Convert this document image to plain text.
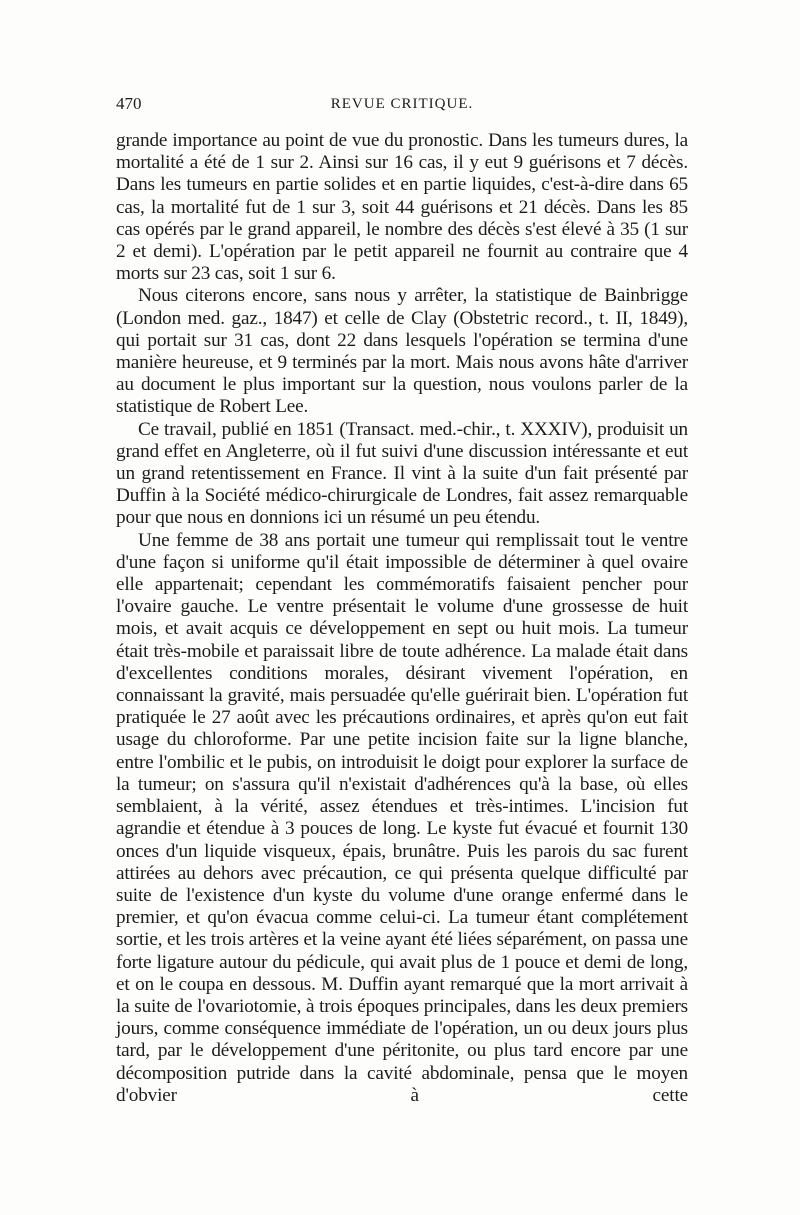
470	REVUE CRITIQUE.

grande importance au point de vue du pronostic. Dans les tumeurs dures, la mortalité a été de 1 sur 2. Ainsi sur 16 cas, il y eut 9 guérisons et 7 décès. Dans les tumeurs en partie solides et en partie liquides, c'est-à-dire dans 65 cas, la mortalité fut de 1 sur 3, soit 44 guérisons et 21 décès. Dans les 85 cas opérés par le grand appareil, le nombre des décès s'est élevé à 35 (1 sur 2 et demi). L'opération par le petit appareil ne fournit au contraire que 4 morts sur 23 cas, soit 1 sur 6.

Nous citerons encore, sans nous y arrêter, la statistique de Bainbrigge (London med. gaz., 1847) et celle de Clay (Obstetric record., t. II, 1849), qui portait sur 31 cas, dont 22 dans lesquels l'opération se termina d'une manière heureuse, et 9 terminés par la mort. Mais nous avons hâte d'arriver au document le plus important sur la question, nous voulons parler de la statistique de Robert Lee.

Ce travail, publié en 1851 (Transact. med.-chir., t. XXXIV), produisit un grand effet en Angleterre, où il fut suivi d'une discussion intéressante et eut un grand retentissement en France. Il vint à la suite d'un fait présenté par Duffin à la Société médico-chirurgicale de Londres, fait assez remarquable pour que nous en donnions ici un résumé un peu étendu.

Une femme de 38 ans portait une tumeur qui remplissait tout le ventre d'une façon si uniforme qu'il était impossible de déterminer à quel ovaire elle appartenait; cependant les commémoratifs faisaient pencher pour l'ovaire gauche. Le ventre présentait le volume d'une grossesse de huit mois, et avait acquis ce développement en sept ou huit mois. La tumeur était très-mobile et paraissait libre de toute adhérence. La malade était dans d'excellentes conditions morales, désirant vivement l'opération, en connaissant la gravité, mais persuadée qu'elle guérirait bien. L'opération fut pratiquée le 27 août avec les précautions ordinaires, et après qu'on eut fait usage du chloroforme. Par une petite incision faite sur la ligne blanche, entre l'ombilic et le pubis, on introduisit le doigt pour explorer la surface de la tumeur; on s'assura qu'il n'existait d'adhérences qu'à la base, où elles semblaient, à la vérité, assez étendues et très-intimes. L'incision fut agrandie et étendue à 3 pouces de long. Le kyste fut évacué et fournit 130 onces d'un liquide visqueux, épais, brunâtre. Puis les parois du sac furent attirées au dehors avec précaution, ce qui présenta quelque difficulté par suite de l'existence d'un kyste du volume d'une orange enfermé dans le premier, et qu'on évacua comme celui-ci. La tumeur étant complétement sortie, et les trois artères et la veine ayant été liées séparément, on passa une forte ligature autour du pédicule, qui avait plus de 1 pouce et demi de long, et on le coupa en dessous. M. Duffin ayant remarqué que la mort arrivait à la suite de l'ovariotomie, à trois époques principales, dans les deux premiers jours, comme conséquence immédiate de l'opération, un ou deux jours plus tard, par le développement d'une péritonite, ou plus tard encore par une décomposition putride dans la cavité abdominale, pensa que le moyen d'obvier à cette
